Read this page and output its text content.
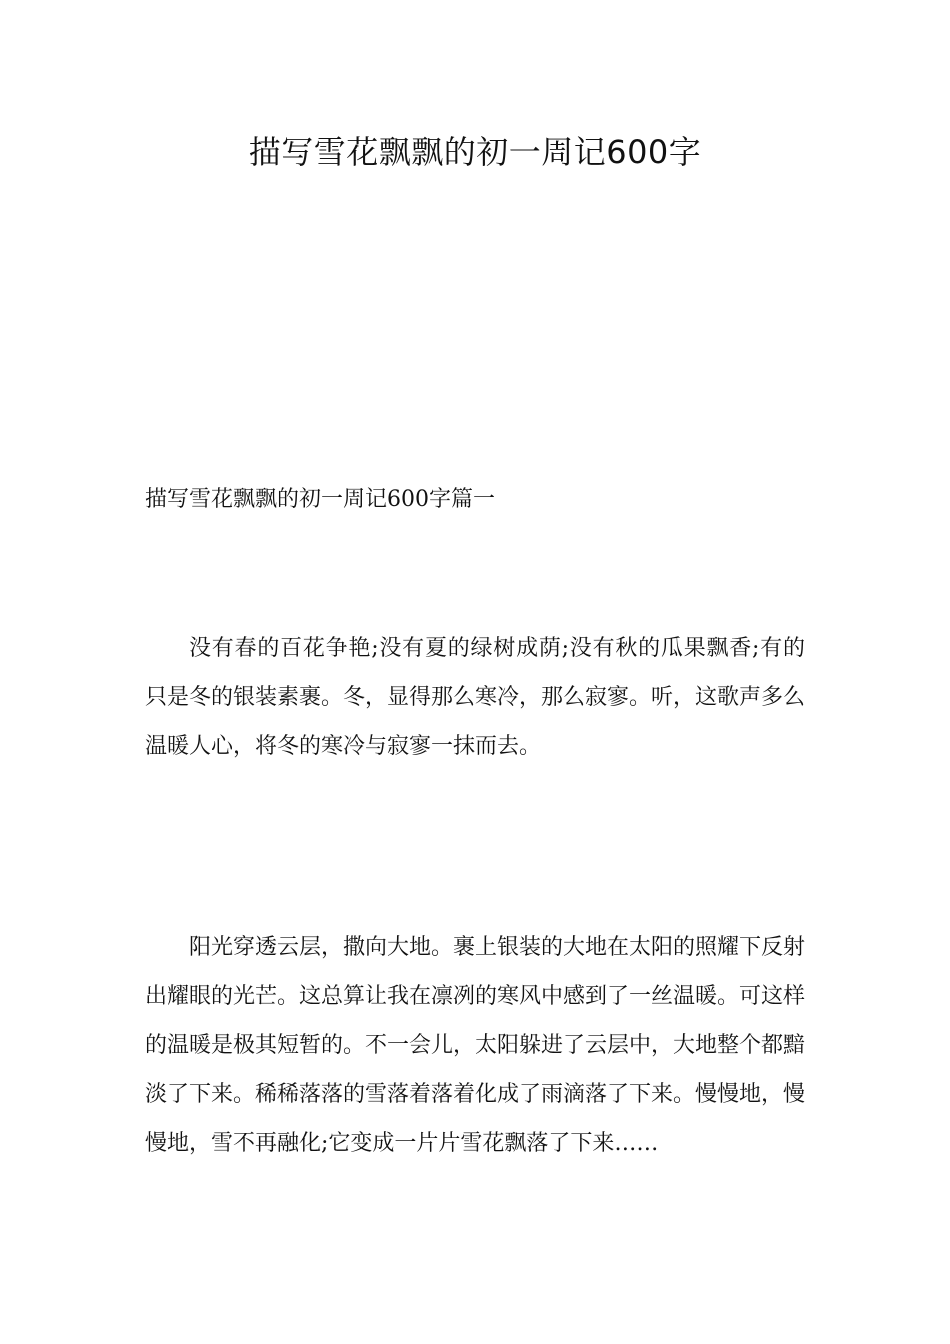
描写雪花飘飘的初一周记600字
描写雪花飘飘的初一周记600字篇一

没有春的百花争艳;没有夏的绿树成荫;没有秋的瓜果飘香;有的只是冬的银装素裹。冬，显得那么寒冷，那么寂寥。听，这歌声多么温暖人心，将冬的寒冷与寂寥一抹而去。

阳光穿透云层，撒向大地。裹上银装的大地在太阳的照耀下反射出耀眼的光芒。这总算让我在凛冽的寒风中感到了一丝温暖。可这样的温暖是极其短暂的。不一会儿，太阳躲进了云层中，大地整个都黯淡了下来。稀稀落落的雪落着落着化成了雨滴落了下来。慢慢地，慢慢地，雪不再融化;它变成一片片雪花飘落了下来……
